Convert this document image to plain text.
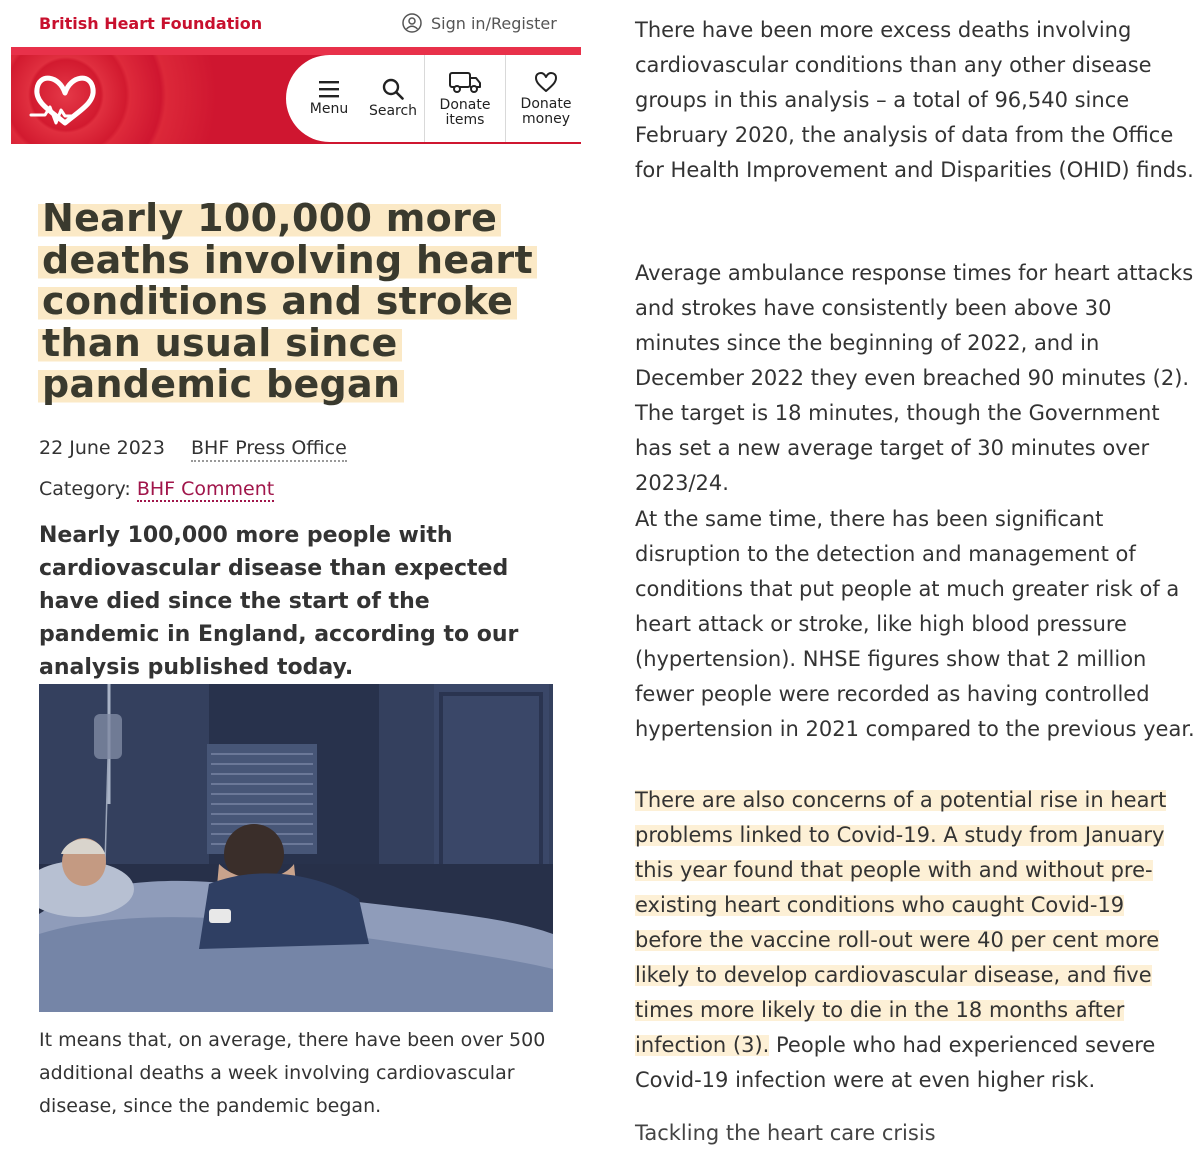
British Heart Foundation	Sign in/Register
Menu Search Donate
items
Donate
money
Nearly 100,000 more deaths involving heart conditions and stroke than usual since pandemic began
22 June 2023 BHF Press Office
Category: BHF Comment

Nearly 100,000 more people with cardiovascular disease than expected have died since the start of the pandemic in England, according to our analysis published today.

It means that, on average, there have been over 500 additional deaths a week involving cardiovascular disease, since the pandemic began.

There have been more excess deaths involving cardiovascular conditions than any other disease groups in this analysis – a total of 96,540 since February 2020, the analysis of data from the Office for Health Improvement and Disparities (OHID) finds.

Average ambulance response times for heart attacks and strokes have consistently been above 30 minutes since the beginning of 2022, and in December 2022 they even breached 90 minutes (2). The target is 18 minutes, though the Government has set a new average target of 30 minutes over 2023/24.

At the same time, there has been significant disruption to the detection and management of conditions that put people at much greater risk of a heart attack or stroke, like high blood pressure (hypertension). NHSE figures show that 2 million fewer people were recorded as having controlled hypertension in 2021 compared to the previous year.

There are also concerns of a potential rise in heart problems linked to Covid-19. A study from January this year found that people with and without pre-existing heart conditions who caught Covid-19 before the vaccine roll-out were 40 per cent more likely to develop cardiovascular disease, and five times more likely to die in the 18 months after infection (3). People who had experienced severe Covid-19 infection were at even higher risk.

Tackling the heart care crisis
